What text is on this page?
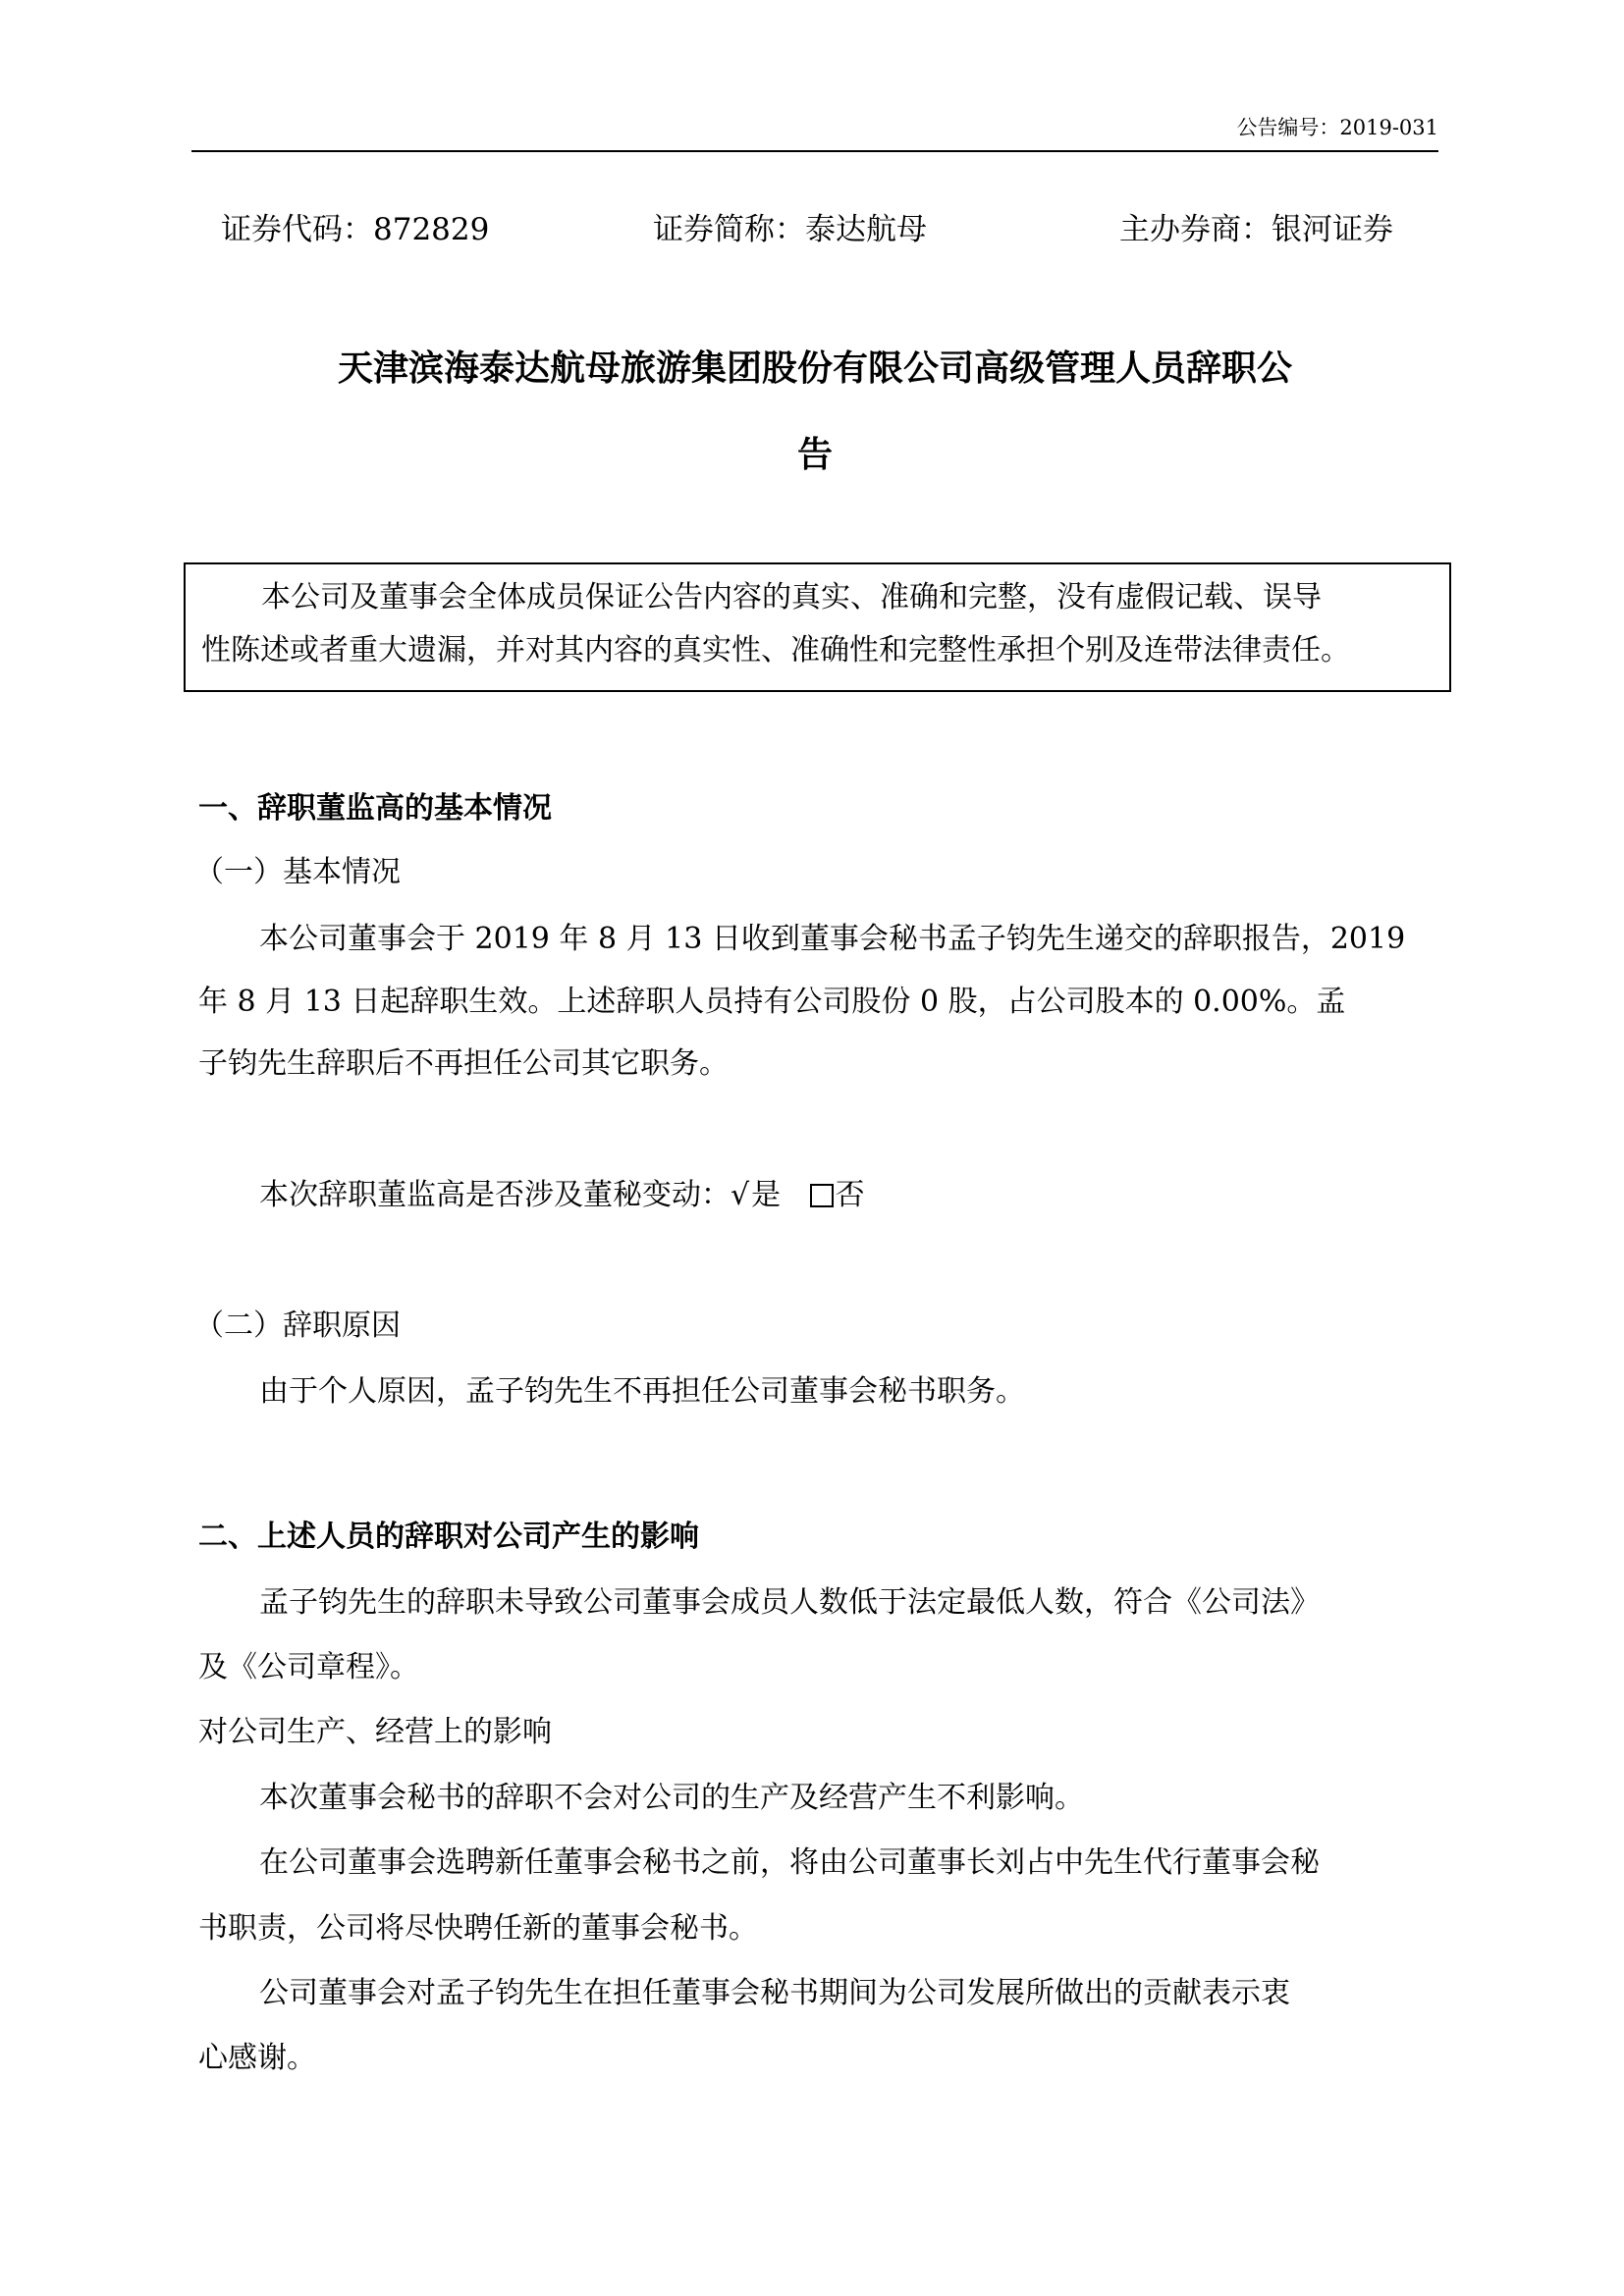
公告编号：2019-031
证券代码：872829	证券简称：泰达航母	主办券商：银河证券
天津滨海泰达航母旅游集团股份有限公司高级管理人员辞职公
告
本公司及董事会全体成员保证公告内容的真实、准确和完整，没有虚假记载、误导
性陈述或者重大遗漏，并对其内容的真实性、准确性和完整性承担个别及连带法律责任。
一、辞职董监高的基本情况
（一）基本情况
本公司董事会于 2019 年 8 月 13 日收到董事会秘书孟子钧先生递交的辞职报告，2019
年 8 月 13 日起辞职生效。上述辞职人员持有公司股份 0 股，占公司股本的 0.00%。孟
子钧先生辞职后不再担任公司其它职务。
本次辞职董监高是否涉及董秘变动：√是 否
（二）辞职原因
由于个人原因，孟子钧先生不再担任公司董事会秘书职务。
二、上述人员的辞职对公司产生的影响
孟子钧先生的辞职未导致公司董事会成员人数低于法定最低人数，符合《公司法》
及《公司章程》。
对公司生产、经营上的影响
本次董事会秘书的辞职不会对公司的生产及经营产生不利影响。
在公司董事会选聘新任董事会秘书之前，将由公司董事长刘占中先生代行董事会秘
书职责，公司将尽快聘任新的董事会秘书。
公司董事会对孟子钧先生在担任董事会秘书期间为公司发展所做出的贡献表示衷
心感谢。
